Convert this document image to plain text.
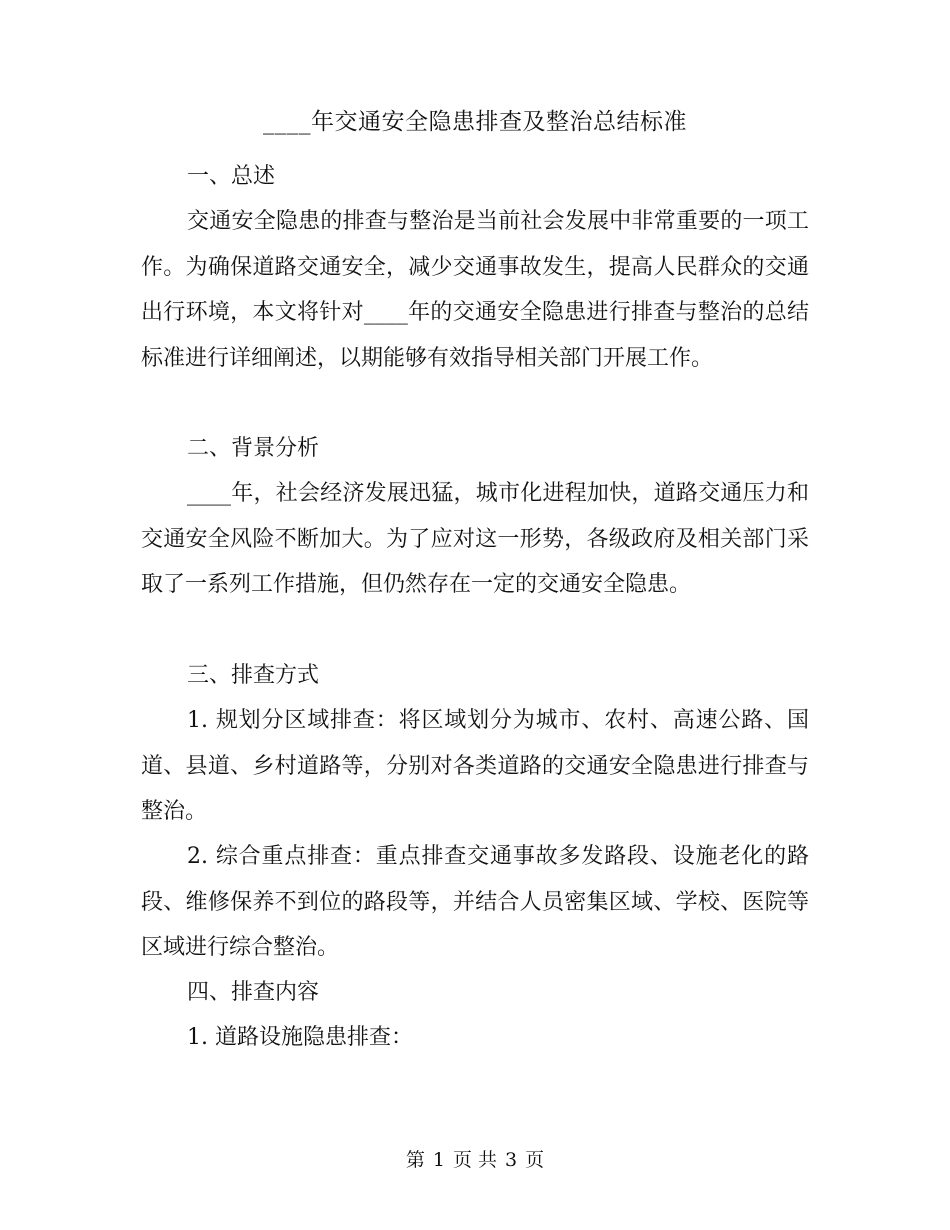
____年交通安全隐患排查及整治总结标准
一、总述
交通安全隐患的排查与整治是当前社会发展中非常重要的一项工作。为确保道路交通安全，减少交通事故发生，提高人民群众的交通出行环境，本文将针对____年的交通安全隐患进行排查与整治的总结标准进行详细阐述，以期能够有效指导相关部门开展工作。
二、背景分析
____年，社会经济发展迅猛，城市化进程加快，道路交通压力和交通安全风险不断加大。为了应对这一形势，各级政府及相关部门采取了一系列工作措施，但仍然存在一定的交通安全隐患。
三、排查方式
1. 规划分区域排查：将区域划分为城市、农村、高速公路、国道、县道、乡村道路等，分别对各类道路的交通安全隐患进行排查与整治。
2. 综合重点排查：重点排查交通事故多发路段、设施老化的路段、维修保养不到位的路段等，并结合人员密集区域、学校、医院等区域进行综合整治。
四、排查内容
1. 道路设施隐患排查：
第 1 页 共 3 页
